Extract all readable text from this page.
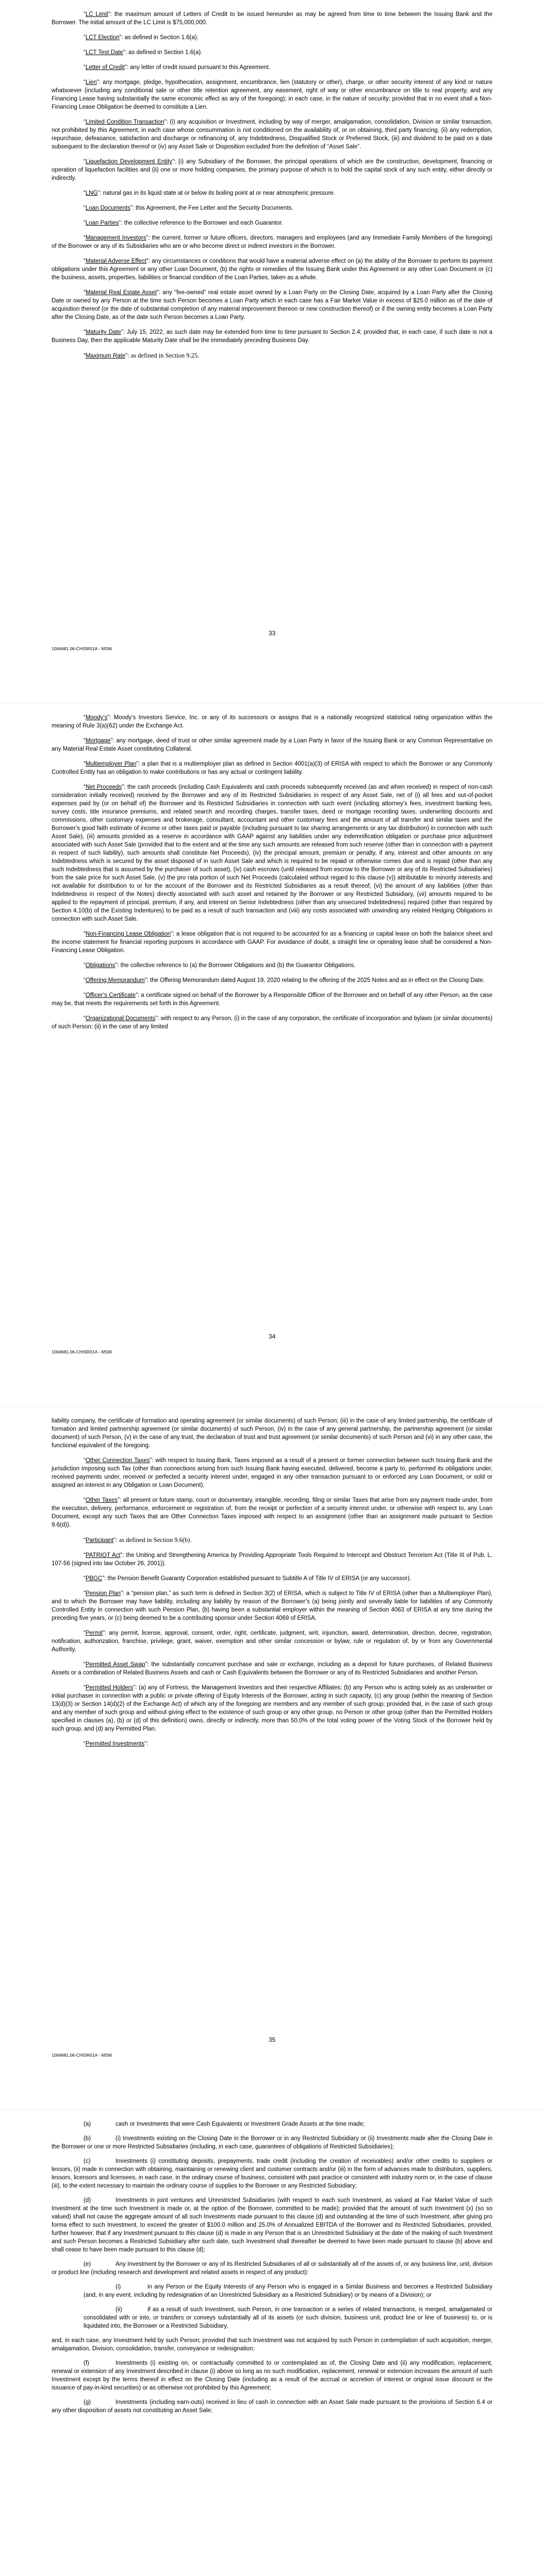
“LC Limit”: the maximum amount of Letters of Credit to be issued hereunder as may be agreed from time to time between the Issuing Bank and the Borrower. The initial amount of the LC Limit is $75,000,000.

“LCT Election”: as defined in Section 1.6(a).

“LCT Test Date”: as defined in Section 1.6(a).

“Letter of Credit”: any letter of credit issued pursuant to this Agreement.

“Lien”: any mortgage, pledge, hypothecation, assignment, encumbrance, lien (statutory or other), charge, or other security interest of any kind or nature whatsoever (including any conditional sale or other title retention agreement, any easement, right of way or other encumbrance on title to real property, and any Financing Lease having substantially the same economic effect as any of the foregoing); in each case, in the nature of security; provided that in no event shall a Non-Financing Lease Obligation be deemed to constitute a Lien.

“Limited Condition Transaction”: (i) any acquisition or Investment, including by way of merger, amalgamation, consolidation, Division or similar transaction, not prohibited by this Agreement, in each case whose consummation is not conditioned on the availability of, or on obtaining, third party financing, (ii) any redemption, repurchase, defeasance, satisfaction and discharge or refinancing of, any Indebtedness, Disqualified Stock or Preferred Stock, (iii) and dividend to be paid on a date subsequent to the declaration thereof or (iv) any Asset Sale or Disposition excluded from the definition of “Asset Sale”.

“Liquefaction Development Entity”: (i) any Subsidiary of the Borrower, the principal operations of which are the construction, development, financing or operation of liquefaction facilities and (ii) one or more holding companies, the primary purpose of which is to hold the capital stock of any such entity, either directly or indirectly.

“LNG”: natural gas in its liquid state at or below its boiling point at or near atmospheric pressure.

“Loan Documents”: this Agreement, the Fee Letter and the Security Documents.

“Loan Parties”: the collective reference to the Borrower and each Guarantor.

“Management Investors”: the current, former or future officers, directors, managers and employees (and any Immediate Family Members of the foregoing) of the Borrower or any of its Subsidiaries who are or who become direct or indirect investors in the Borrower.

“Material Adverse Effect”: any circumstances or conditions that would have a material adverse effect on (a) the ability of the Borrower to perform its payment obligations under this Agreement or any other Loan Document, (b) the rights or remedies of the Issuing Bank under this Agreement or any other Loan Document or (c) the business, assets, properties, liabilities or financial condition of the Loan Parties, taken as a whole.

“Material Real Estate Asset”: any “fee-owned” real estate asset owned by a Loan Party on the Closing Date, acquired by a Loan Party after the Closing Date or owned by any Person at the time such Person becomes a Loan Party which in each case has a Fair Market Value in excess of $25.0 million as of the date of acquisition thereof (or the date of substantial completion of any material improvement thereon or new construction thereof) or if the owning entity becomes a Loan Party after the Closing Date, as of the date such Person becomes a Loan Party.

“Maturity Date”: July 15, 2022, as such date may be extended from time to time pursuant to Section 2.4; provided that, in each case, if such date is not a Business Day, then the applicable Maturity Date shall be the immediately preceding Business Day.

“Maximum Rate”: as defined in Section 9.25.

33
1064681.06-CHISR01A - MSW

“Moody’s”: Moody’s Investors Service, Inc. or any of its successors or assigns that is a nationally recognized statistical rating organization within the meaning of Rule 3(a)(62) under the Exchange Act.

“Mortgage”: any mortgage, deed of trust or other similar agreement made by a Loan Party in favor of the Issuing Bank or any Common Representative on any Material Real Estate Asset constituting Collateral.

“Multiemployer Plan”: a plan that is a multiemployer plan as defined in Section 4001(a)(3) of ERISA with respect to which the Borrower or any Commonly Controlled Entity has an obligation to make contributions or has any actual or contingent liability.

“Net Proceeds”: the cash proceeds (including Cash Equivalents and cash proceeds subsequently received (as and when received) in respect of non-cash consideration initially received) received by the Borrower and any of its Restricted Subsidiaries in respect of any Asset Sale, net of (i) all fees and out-of-pocket expenses paid by (or on behalf of) the Borrower and its Restricted Subsidiaries in connection with such event (including attorney’s fees, investment banking fees, survey costs, title insurance premiums, and related search and recording charges, transfer taxes, deed or mortgage recording taxes, underwriting discounts and commissions, other customary expenses and brokerage, consultant, accountant and other customary fees and the amount of all transfer and similar taxes and the Borrower’s good faith estimate of income or other taxes paid or payable (including pursuant to tax sharing arrangements or any tax distribution) in connection with such Asset Sale), (iii) amounts provided as a reserve in accordance with GAAP against any liabilities under any indemnification obligation or purchase price adjustment associated with such Asset Sale (provided that to the extent and at the time any such amounts are released from such reserve (other than in connection with a payment in respect of such liability), such amounts shall constitute Net Proceeds), (iv) the principal amount, premium or penalty, if any, interest and other amounts on any Indebtedness which is secured by the asset disposed of in such Asset Sale and which is required to be repaid or otherwise comes due and is repaid (other than any such Indebtedness that is assumed by the purchaser of such asset), (iv) cash escrows (until released from escrow to the Borrower or any of its Restricted Subsidiaries) from the sale price for such Asset Sale, (v) the pro rata portion of such Net Proceeds (calculated without regard to this clause (v)) attributable to minority interests and not available for distribution to or for the account of the Borrower and its Restricted Subsidiaries as a result thereof, (vi) the amount of any liabilities (other than Indebtedness in respect of the Notes) directly associated with such asset and retained by the Borrower or any Restricted Subsidiary, (vii) amounts required to be applied to the repayment of principal, premium, if any, and interest on Senior Indebtedness (other than any unsecured Indebtedness) required (other than required by Section 4.10(b) of the Existing Indentures) to be paid as a result of such transaction and (viii) any costs associated with unwinding any related Hedging Obligations in connection with such Asset Sale.

“Non-Financing Lease Obligation”: a lease obligation that is not required to be accounted for as a financing or capital lease on both the balance sheet and the income statement for financial reporting purposes in accordance with GAAP. For avoidance of doubt, a straight line or operating lease shall be considered a Non-Financing Lease Obligation.

“Obligations”: the collective reference to (a) the Borrower Obligations and (b) the Guarantor Obligations.

“Offering Memorandum”: the Offering Memorandum dated August 19, 2020 relating to the offering of the 2025 Notes and as in effect on the Closing Date.

“Officer’s Certificate”: a certificate signed on behalf of the Borrower by a Responsible Officer of the Borrower and on behalf of any other Person, as the case may be, that meets the requirements set forth in this Agreement.

“Organizational Documents”: with respect to any Person, (i) in the case of any corporation, the certificate of incorporation and bylaws (or similar documents) of such Person; (ii) in the case of any limited

34
1064681.06-CHISR01A - MSW

liability company, the certificate of formation and operating agreement (or similar documents) of such Person; (iii) in the case of any limited partnership, the certificate of formation and limited partnership agreement (or similar documents) of such Person, (iv) in the case of any general partnership, the partnership agreement (or similar document) of such Person, (v) in the case of any trust, the declaration of trust and trust agreement (or similar documents) of such Person and (vi) in any other case, the functional equivalent of the foregoing.

“Other Connection Taxes”: with respect to Issuing Bank, Taxes imposed as a result of a present or former connection between such Issuing Bank and the jurisdiction imposing such Tax (other than connections arising from such Issuing Bank having executed, delivered, become a party to, performed its obligations under, received payments under, received or perfected a security interest under, engaged in any other transaction pursuant to or enforced any Loan Document, or sold or assigned an interest in any Obligation or Loan Document).

“Other Taxes”: all present or future stamp, court or documentary, intangible, recording, filing or similar Taxes that arise from any payment made under, from the execution, delivery, performance, enforcement or registration of, from the receipt or perfection of a security interest under, or otherwise with respect to, any Loan Document, except any such Taxes that are Other Connection Taxes imposed with respect to an assignment (other than an assignment made pursuant to Section 9.6(d)).

“Participant”: as defined in Section 9.6(b).

“PATRIOT Act”: the Uniting and Strengthening America by Providing Appropriate Tools Required to Intercept and Obstruct Terrorism Act (Title III of Pub. L. 107-56 (signed into law October 26, 2001)).

“PBGC”: the Pension Benefit Guaranty Corporation established pursuant to Subtitle A of Title IV of ERISA (or any successor).

“Pension Plan”: a “pension plan,” as such term is defined in Section 3(2) of ERISA, which is subject to Title IV of ERISA (other than a Multiemployer Plan), and to which the Borrower may have liability, including any liability by reason of the Borrower’s (a) being jointly and severally liable for liabilities of any Commonly Controlled Entity in connection with such Pension Plan, (b) having been a substantial employer within the meaning of Section 4063 of ERISA at any time during the preceding five years, or (c) being deemed to be a contributing sponsor under Section 4069 of ERISA.

“Permit”: any permit, license, approval, consent, order, right, certificate, judgment, writ, injunction, award, determination, direction, decree, registration, notification, authorization, franchise, privilege, grant, waiver, exemption and other similar concession or bylaw, rule or regulation of, by or from any Governmental Authority.

“Permitted Asset Swap”: the substantially concurrent purchase and sale or exchange, including as a deposit for future purchases, of Related Business Assets or a combination of Related Business Assets and cash or Cash Equivalents between the Borrower or any of its Restricted Subsidiaries and another Person.

“Permitted Holders”: (a) any of Fortress, the Management Investors and their respective Affiliates; (b) any Person who is acting solely as an underwriter or initial purchaser in connection with a public or private offering of Equity Interests of the Borrower, acting in such capacity, (c) any group (within the meaning of Section 13(d)(3) or Section 14(d)(2) of the Exchange Act) of which any of the foregoing are members and any member of such group; provided that, in the case of such group and any member of such group and without giving effect to the existence of such group or any other group, no Person or other group (other than the Permitted Holders specified in clauses (a), (b) or (d) of this definition) owns, directly or indirectly, more than 50.0% of the total voting power of the Voting Stock of the Borrower held by such group, and (d) any Permitted Plan.

“Permitted Investments”:

35
1064681.06-CHISR01A - MSW

(a)	cash or Investments that were Cash Equivalents or Investment Grade Assets at the time made;

(b)	(i) Investments existing on the Closing Date in the Borrower or in any Restricted Subsidiary or (ii) Investments made after the Closing Date in the Borrower or one or more Restricted Subsidiaries (including, in each case, guarantees of obligations of Restricted Subsidiaries);

(c)	Investments (i) constituting deposits, prepayments, trade credit (including the creation of receivables) and/or other credits to suppliers or lessors, (ii) made in connection with obtaining, maintaining or renewing client and customer contracts and/or (iii) in the form of advances made to distributors, suppliers, lessors, licensors and licensees, in each case, in the ordinary course of business, consistent with past practice or consistent with industry norm or, in the case of clause (iii), to the extent necessary to maintain the ordinary course of supplies to the Borrower or any Restricted Subsidiary;

(d)	Investments in joint ventures and Unrestricted Subsidiaries (with respect to each such Investment, as valued at Fair Market Value of such Investment at the time such Investment is made or, at the option of the Borrower, committed to be made); provided that the amount of such Investment (x) (so so valued) shall not cause the aggregate amount of all such Investments made pursuant to this clause (d) and outstanding at the time of such Investment, after giving pro forma effect to such Investment, to exceed the greater of $100.0 million and 25.0% of Annualized EBITDA of the Borrower and its Restricted Subsidiaries, provided, further however, that if any Investment pursuant to this clause (d) is made in any Person that is an Unrestricted Subsidiary at the date of the making of such Investment and such Person becomes a Restricted Subsidiary after such date, such Investment shall thereafter be deemed to have been made pursuant to clause (b) above and shall cease to have been made pursuant to this clause (d);

(e)	Any Investment by the Borrower or any of its Restricted Subsidiaries of all or substantially all of the assets of, or any business line, unit, division or product line (including research and development and related assets in respect of any product):

(i)	in any Person or the Equity Interests of any Person who is engaged in a Similar Business and becomes a Restricted Subsidiary (and, in any event, including by redesignation of an Unrestricted Subsidiary as a Restricted Subsidiary) or by means of a Division); or

(ii)	if as a result of such Investment, such Person, in one transaction or a series of related transactions, is merged, amalgamated or consolidated with or into, or transfers or conveys substantially all of its assets (or such division, business unit, product line or line of business) to, or is liquidated into, the Borrower or a Restricted Subsidiary,

and, in each case, any Investment held by such Person; provided that such Investment was not acquired by such Person in contemplation of such acquisition, merger, amalgamation, Division, consolidation, transfer, conveyance or redesignation;

(f)	Investments (i) existing on, or contractually committed to or contemplated as of, the Closing Date and (ii) any modification, replacement, renewal or extension of any Investment described in clause (i) above so long as no such modification, replacement, renewal or extension increases the amount of such Investment except by the terms thereof in effect on the Closing Date (including as a result of the accrual or accretion of interest or original issue discount or the issuance of pay-in-kind securities) or as otherwise not prohibited by this Agreement;

(g)	Investments (including earn-outs) received in lieu of cash in connection with an Asset Sale made pursuant to the provisions of Section 6.4 or any other disposition of assets not constituting an Asset Sale;
